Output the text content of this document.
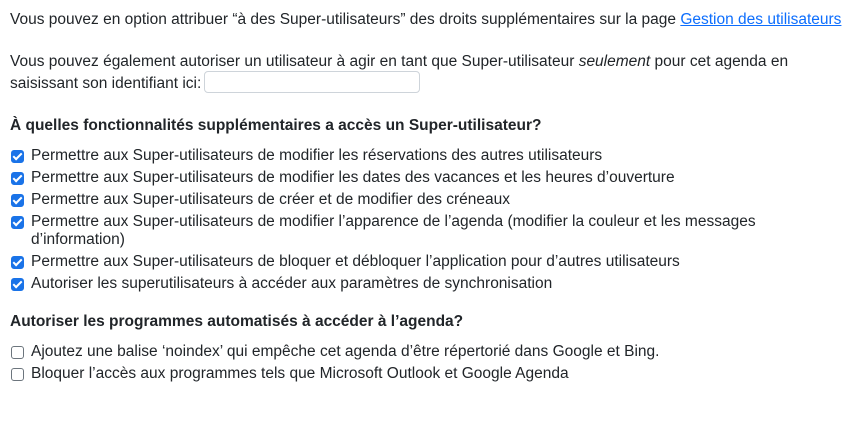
Vous pouvez en option attribuer “à des Super-utilisateurs” des droits supplémentaires sur la page Gestion des utilisateurs

Vous pouvez également autoriser un utilisateur à agir en tant que Super-utilisateur seulement pour cet agenda en saisissant son identifiant ici:

À quelles fonctionnalités supplémentaires a accès un Super-utilisateur?
Permettre aux Super-utilisateurs de modifier les réservations des autres utilisateurs
Permettre aux Super-utilisateurs de modifier les dates des vacances et les heures d’ouverture
Permettre aux Super-utilisateurs de créer et de modifier des créneaux
Permettre aux Super-utilisateurs de modifier l’apparence de l’agenda (modifier la couleur et les messages d’information)
Permettre aux Super-utilisateurs de bloquer et débloquer l’application pour d’autres utilisateurs
Autoriser les superutilisateurs à accéder aux paramètres de synchronisation
Autoriser les programmes automatisés à accéder à l’agenda?
Ajoutez une balise ‘noindex’ qui empêche cet agenda d’être répertorié dans Google et Bing.
Bloquer l’accès aux programmes tels que Microsoft Outlook et Google Agenda
